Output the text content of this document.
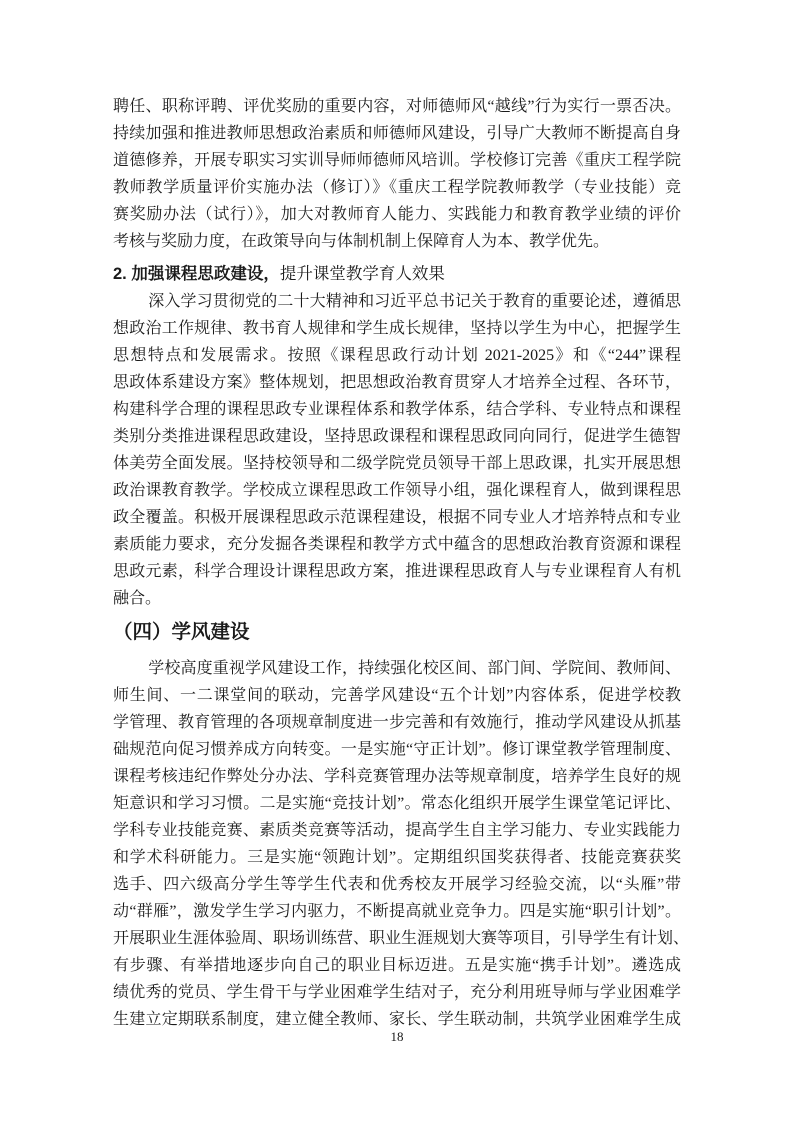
聘任、职称评聘、评优奖励的重要内容，对师德师风“越线”行为实行一票否决。
持续加强和推进教师思想政治素质和师德师风建设，引导广大教师不断提高自身
道德修养，开展专职实习实训导师师德师风培训。学校修订完善《重庆工程学院
教师教学质量评价实施办法（修订）》《重庆工程学院教师教学（专业技能）竞
赛奖励办法（试行）》，加大对教师育人能力、实践能力和教育教学业绩的评价
考核与奖励力度，在政策导向与体制机制上保障育人为本、教学优先。
2. 加强课程思政建设，提升课堂教学育人效果
深入学习贯彻党的二十大精神和习近平总书记关于教育的重要论述，遵循思
想政治工作规律、教书育人规律和学生成长规律，坚持以学生为中心，把握学生
思想特点和发展需求。按照《课程思政行动计划 2021-2025》和《“244”课程
思政体系建设方案》整体规划，把思想政治教育贯穿人才培养全过程、各环节，
构建科学合理的课程思政专业课程体系和教学体系，结合学科、专业特点和课程
类别分类推进课程思政建设，坚持思政课程和课程思政同向同行，促进学生德智
体美劳全面发展。坚持校领导和二级学院党员领导干部上思政课，扎实开展思想
政治课教育教学。学校成立课程思政工作领导小组，强化课程育人，做到课程思
政全覆盖。积极开展课程思政示范课程建设，根据不同专业人才培养特点和专业
素质能力要求，充分发掘各类课程和教学方式中蕴含的思想政治教育资源和课程
思政元素，科学合理设计课程思政方案，推进课程思政育人与专业课程育人有机
融合。
（四）学风建设
学校高度重视学风建设工作，持续强化校区间、部门间、学院间、教师间、
师生间、一二课堂间的联动，完善学风建设“五个计划”内容体系，促进学校教
学管理、教育管理的各项规章制度进一步完善和有效施行，推动学风建设从抓基
础规范向促习惯养成方向转变。一是实施“守正计划”。修订课堂教学管理制度、
课程考核违纪作弊处分办法、学科竞赛管理办法等规章制度，培养学生良好的规
矩意识和学习习惯。二是实施“竞技计划”。常态化组织开展学生课堂笔记评比、
学科专业技能竞赛、素质类竞赛等活动，提高学生自主学习能力、专业实践能力
和学术科研能力。三是实施“领跑计划”。定期组织国奖获得者、技能竞赛获奖
选手、四六级高分学生等学生代表和优秀校友开展学习经验交流，以“头雁”带
动“群雁”，激发学生学习内驱力，不断提高就业竞争力。四是实施“职引计划”。
开展职业生涯体验周、职场训练营、职业生涯规划大赛等项目，引导学生有计划、
有步骤、有举措地逐步向自己的职业目标迈进。五是实施“携手计划”。遴选成
绩优秀的党员、学生骨干与学业困难学生结对子，充分利用班导师与学业困难学
生建立定期联系制度，建立健全教师、家长、学生联动制，共筑学业困难学生成
18
